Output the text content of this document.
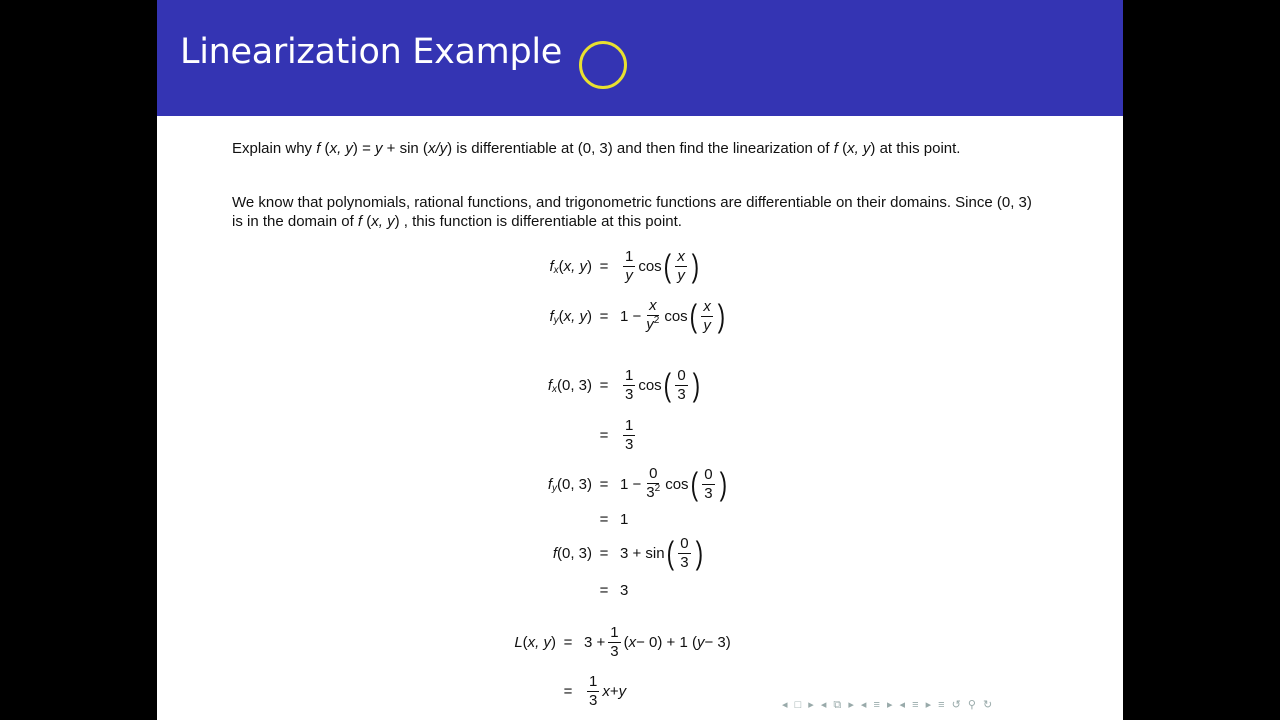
Linearization Example
Explain why f (x, y) = y + sin (x/y) is differentiable at (0, 3) and then find the linearization of f (x, y) at this point.
We know that polynomials, rational functions, and trigonometric functions are differentiable on their domains. Since (0, 3) is in the domain of f (x, y) , this function is differentiable at this point.
f x ( x, y ) = $\frac{1}{y}$ cos ( $\frac{x}{y}$ )
f y ( x, y ) = $1 - \frac{x}{y^2}$ cos ( $\frac{x}{y}$ )
f x (0, $3) = \frac{1}{3}$ cos ( $\frac{0}{3}$ )
= $\frac{1}{3}$
f y (0, $3) = 1 - \frac{0}{3^2}$ cos ( $\frac{0}{3}$ )
= 1
f (0, 3) = 3 + sin ( $\frac{0}{3}$ )
= 3
L ( x, y ) = $3 + \frac{1}{3}$ ( x − 0) + 1 ( y − 3)
= $\frac{1}{3}$ x + y
◂ □ ▸ ◂ ⧉ ▸ ◂ ≡ ▸ ◂ ≡ ▸ ≡ ↺ ⚲ ↻
